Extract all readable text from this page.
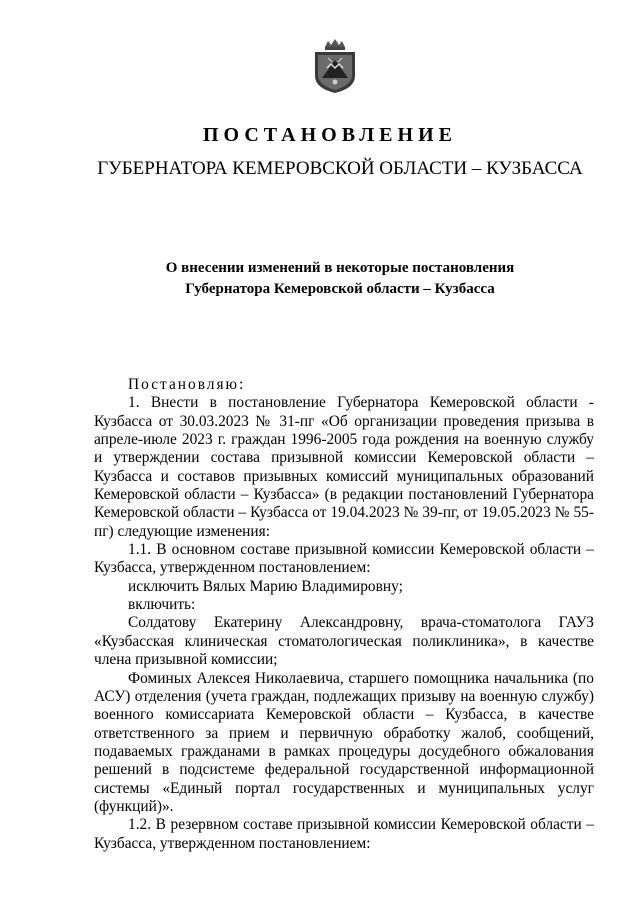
ПОСТАНОВЛЕНИЕ
ГУБЕРНАТОРА КЕМЕРОВСКОЙ ОБЛАСТИ – КУЗБАССА
О внесении изменений в некоторые постановления
Губернатора Кемеровской области – Кузбасса

Постановляю:

1. Внести в постановление Губернатора Кемеровской области - Кузбасса от 30.03.2023 № 31-пг «Об организации проведения призыва в апреле-июле 2023 г. граждан 1996-2005 года рождения на военную службу и утверждении состава призывной комиссии Кемеровской области – Кузбасса и составов призывных комиссий муниципальных образований Кемеровской области – Кузбасса» (в редакции постановлений Губернатора Кемеровской области – Кузбасса от 19.04.2023 № 39-пг, от 19.05.2023 № 55-пг) следующие изменения:

1.1. В основном составе призывной комиссии Кемеровской области – Кузбасса, утвержденном постановлением:

исключить Вялых Марию Владимировну;

включить:

Солдатову Екатерину Александровну, врача-стоматолога ГАУЗ «Кузбасская клиническая стоматологическая поликлиника», в качестве члена призывной комиссии;

Фоминых Алексея Николаевича, старшего помощника начальника (по АСУ) отделения (учета граждан, подлежащих призыву на военную службу) военного комиссариата Кемеровской области – Кузбасса, в качестве ответственного за прием и первичную обработку жалоб, сообщений, подаваемых гражданами в рамках процедуры досудебного обжалования решений в подсистеме федеральной государственной информационной системы «Единый портал государственных и муниципальных услуг (функций)».

1.2. В резервном составе призывной комиссии Кемеровской области – Кузбасса, утвержденном постановлением:
